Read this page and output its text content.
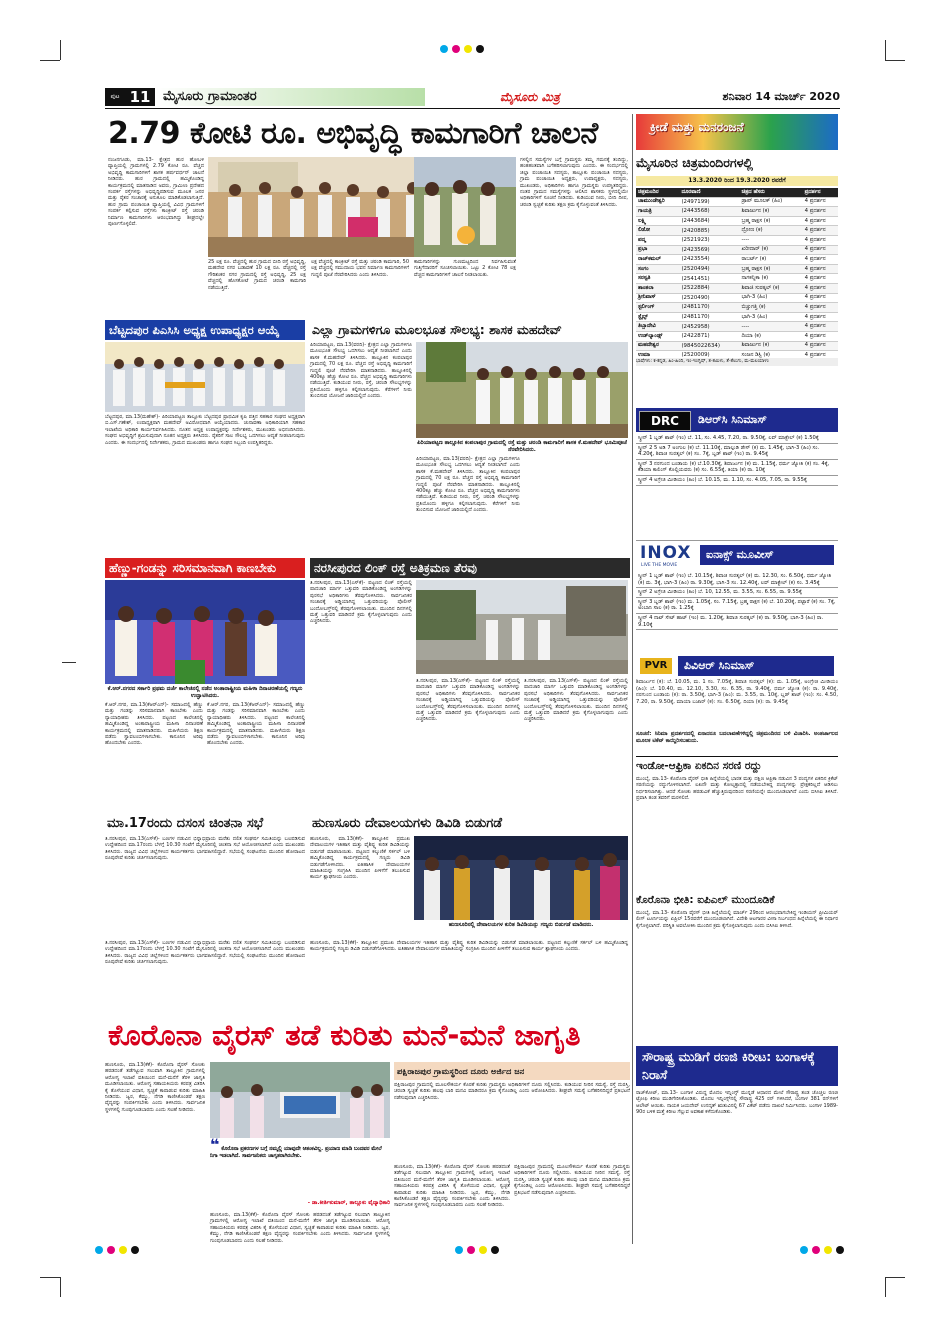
ಪುಟ 11 ಮೈಸೂರು ಗ್ರಾಮಾಂತರ	ಮೈಸೂರು ಮಿತ್ರ	ಶನಿವಾರ 14 ಮಾರ್ಚ್ 2020
2.79 ಕೋಟಿ ರೂ. ಅಭಿವೃದ್ಧಿ ಕಾಮಗಾರಿಗೆ ಚಾಲನೆ
ನಂಜನಗೂಡು, ಮಾ.13- ಕ್ಷೇತ್ರದ ಹುರ ಹೋಬಳಿ ವ್ಯಾಪ್ತಿಯಲ್ಲಿ ಗ್ರಾಮಗಳಲ್ಲಿ 2.79 ಕೋಟಿ ರೂ. ವೆಚ್ಚದ ಅಭಿವೃದ್ಧಿ ಕಾಮಗಾರಿಗಳಿಗೆ ಶಾಸಕ ಹರ್ಷವರ್ಧನ್ ಚಾಲನೆ ನೀಡಿದರು. ಹುರ ಗ್ರಾಮದಲ್ಲಿ ಹಮ್ಮಿಕೊಂಡಿದ್ದ ಕಾರ್ಯಕ್ರಮದಲ್ಲಿ ಮಾತನಾಡಿದ ಅವರು, ಗ್ರಾಮೀಣ ಪ್ರದೇಶದ ಸಂಪರ್ಕ ರಸ್ತೆಗಳನ್ನು ಅಭಿವೃದ್ಧಿಪಡಿಸುವ ಮೂಲಕ ಜನರ ಮತ್ತು ರೈತರ ಸಂಚಾರಕ್ಕೆ ಅನುಕೂಲ ಮಾಡಿಕೊಡಲಾಗುತ್ತಿದೆ. ಹುರ ಗ್ರಾಮ ಪಂಚಾಯಿತಿ ವ್ಯಾಪ್ತಿಯಲ್ಲಿ ವಿವಿಧ ಗ್ರಾಮಗಳಿಗೆ ಸಂಪರ್ಕ ಕಲ್ಪಿಸುವ ರಸ್ತೆಗಳು ಕಾಂಕ್ರೀಟ್ ರಸ್ತೆ ಚರಂಡಿ ನಿರ್ಮಾಣ ಕಾಮಗಾರಿಗಳು ಆರಂಭವಾಗಿದ್ದು ಶೀಘ್ರದಲ್ಲೇ ಪೂರ್ಣಗೊಳ್ಳಲಿವೆ.
25 ಲಕ್ಷ ರೂ. ವೆಚ್ಚದಲ್ಲಿ ಹುರ ಗ್ರಾಮದ ಬೀದಿ ರಸ್ತೆ ಅಭಿವೃದ್ಧಿ, ಮಹದೇವ ನಗರ ಬಡಾವಣೆ 10 ಲಕ್ಷ ರೂ. ವೆಚ್ಚದಲ್ಲಿ ರಸ್ತೆ ಗೌರಿಶಂಕರ ನಗರ ಗ್ರಾಮದಲ್ಲಿ ರಸ್ತೆ ಅಭಿವೃದ್ಧಿ, 25 ಲಕ್ಷ ವೆಚ್ಚದಲ್ಲಿ ಹೊಸಕೋಟೆ ಗ್ರಾಮದ ಚರಂಡಿ ಕಾಮಗಾರಿ ನಡೆಯುತ್ತಿದೆ.
ಲಕ್ಷ ವೆಚ್ಚದಲ್ಲಿ ಕಾಂಕ್ರೀಟ್ ರಸ್ತೆ ಮತ್ತು ಚರಂಡಿ ಕಾಮಗಾರಿ, 50 ಲಕ್ಷ ವೆಚ್ಚದಲ್ಲಿ ಸಮುದಾಯ ಭವನ ನಿರ್ಮಾಣ ಕಾಮಗಾರಿಗಳಿಗೆ ಗುದ್ದಲಿ ಪೂಜೆ ನೆರವೇರಿಸಿದರು ಎಂದು ತಿಳಿಸಿದರು.
ಕಾಮಗಾರಿಗಳನ್ನು ಗುಣಮಟ್ಟದಿಂದ ನಿರ್ವಹಿಸುವಂತೆ ಗುತ್ತಿಗೆದಾರರಿಗೆ ಸೂಚಿಸಲಾಯಿತು. ಒಟ್ಟು 2 ಕೋಟಿ 78 ಲಕ್ಷ ವೆಚ್ಚದ ಕಾಮಗಾರಿಗಳಿಗೆ ಚಾಲನೆ ನೀಡಲಾಯಿತು.
ಗಳಲ್ಲಿನ ಸಮಸ್ಯೆಗಳ ಬಗ್ಗೆ ಗ್ರಾಮಸ್ಥರು ತಮ್ಮ ಗಮನಕ್ಕೆ ತಂದಿದ್ದು, ಹಂತಹಂತವಾಗಿ ಬಗೆಹರಿಸಲಾಗುವುದು ಎಂದರು. ಈ ಸಂದರ್ಭದಲ್ಲಿ ಜಿಲ್ಲಾ ಪಂಚಾಯಿತಿ ಸದಸ್ಯರು, ತಾಲ್ಲೂಕು ಪಂಚಾಯಿತಿ ಸದಸ್ಯರು, ಗ್ರಾಮ ಪಂಚಾಯಿತಿ ಅಧ್ಯಕ್ಷರು, ಉಪಾಧ್ಯಕ್ಷರು, ಸದಸ್ಯರು, ಮುಖಂಡರು, ಅಧಿಕಾರಿಗಳು ಹಾಗೂ ಗ್ರಾಮಸ್ಥರು ಉಪಸ್ಥಿತರಿದ್ದರು. ನಂತರ ಗ್ರಾಮದ ಸಮಸ್ಯೆಗಳನ್ನು ಆಲಿಸಿದ ಶಾಸಕರು ಸ್ಥಳದಲ್ಲಿಯೇ ಅಧಿಕಾರಿಗಳಿಗೆ ಸೂಚನೆ ನೀಡಿದರು. ಕುಡಿಯುವ ನೀರು, ಬೀದಿ ದೀಪ, ಚರಂಡಿ ಸ್ವಚ್ಛತೆ ಕುರಿತು ತಕ್ಷಣ ಕ್ರಮ ಕೈಗೊಳ್ಳುವಂತೆ ತಿಳಿಸಿದರು.
ಕ್ರೀಡೆ ಮತ್ತು ಮನರಂಜನೆ
ಮೈಸೂರಿನ ಚಿತ್ರಮಂದಿರಗಳಲ್ಲಿ
13.3.2020 ರಿಂದ 19.3.2020 ರವರೆಗೆ
ಚಿತ್ರಮಂದಿರ	ದೂರವಾಣಿ	ಚಿತ್ರದ ಹೆಸರು	ಪ್ರದರ್ಶನ
ಚಾಮುಂಡೇಶ್ವರಿ	(2497199)	ಡ್ರಾಪ್ ಮೂಲಕ್ (ಹಿಂ)	4 ಪ್ರದರ್ಶನ
ಗಾಯತ್ರಿ	(2443568)	ಶಿವಾರ್ಜುನ (ಕ)	4 ಪ್ರದರ್ಶನ
ಲಕ್ಷ್ಮಿ	(2443684)	ಬ್ರಹ್ಮ ರಾಕ್ಷಸ (ಕ)	4 ಪ್ರದರ್ಶನ
ಲಿಡೋ	(2420885)	ದ್ರೋಣ (ಕ)	4 ಪ್ರದರ್ಶನ
ಪದ್ಮ	(2521923)	----	4 ಪ್ರದರ್ಶನ
ಪ್ರಭಾ	(2423569)	ಖರೀದಾರ್ (ಕ)	4 ಪ್ರದರ್ಶನ
ರಾಜ್‌ಕಮಲ್	(2423554)	ರಾಬರ್ಟ್ (ಕ)	4 ಪ್ರದರ್ಶನ
ಸಂಗಂ	(2520494)	ಬ್ರಹ್ಮ ರಾಕ್ಷಸ (ಕ)	4 ಪ್ರದರ್ಶನ
ಸರಸ್ವತಿ	(2541451)	ನಾಗಕನ್ನಿಕಾ (ಕ)	4 ಪ್ರದರ್ಶನ
ಶಾಂತಲಾ	(2522884)	ಶಿವಾಜಿ ಸುರತ್ಕಲ್ (ಕ)	4 ಪ್ರದರ್ಶನ
ಶ್ರೀನಿವಾಸ್	(2520490)	ಭಾಗಿ-3 (ಹಿಂ)	4 ಪ್ರದರ್ಶನ
ಸ್ಟರ್ಲಿಂಗ್	(2481170)	ಬಿಚ್ಚುಗತ್ತಿ (ಕ)	4 ಪ್ರದರ್ಶನ
ಸ್ಟೈಲ್ಸ್	(2481170)	ಭಾಗಿ-3 (ಹಿಂ)	4 ಪ್ರದರ್ಶನ
ತಿಬ್ಬಾದೇವಿ	(2452958)	----	4 ಪ್ರದರ್ಶನ
ಉಡ್‌ಲ್ಯಾಂಡ್ಸ್	(2422871)	ದಿಯಾ (ಕ)	4 ಪ್ರದರ್ಶನ
ಮಹದೇಶ್ವರ	(9845022634)	ಶಿವಾರ್ಜುನ (ಕ)	4 ಪ್ರದರ್ಶನ
ಉಮಾ	(2520009)	ಸಂಜನ ಡಿಸ್ಟಿ (ಕ)	4 ಪ್ರದರ್ಶನ
ಭಾಷೆಗಳು: ಕ-ಕನ್ನಡ, ಹಿಂ-ಹಿಂದಿ, ಇಂ-ಇಂಗ್ಲಿಷ್, ತ-ತಮಿಳು, ತೆ-ತೆಲುಗು, ಮ-ಮಲಯಾಳಂ
DRC	ಡಿಆರ್‌ಸಿ ಸಿನಿಮಾಸ್
ಸ್ಕ್ರೀನ್ 1 ಬ್ಲಡ್ ಶಾಟ್ (ಇಂ) ಬೆ. 11, ಸಂ. 4.45, 7.20, ರಾ. 9.50ಕ್ಕೆ, ಲವ್ ಮಾಕ್ಟೇಲ್ (ಕ) 1.50ಕ್ಕೆ
ಸ್ಕ್ರೀನ್ 2 5 ಅಡಿ 7 ಅಂಗುಲ (ಕ) ಬೆ. 11.10ಕ್ಕೆ, ಮಾಲ್ಗುಡಿ ಡೇಸ್ (ಕ) ಮ. 1.45ಕ್ಕೆ, ಭಾಗಿ-3 (ಹಿಂ) ಸಂ. 4.20ಕ್ಕೆ, ಶಿವಾಜಿ ಸುರತ್ಕಲ್ (ಕ) ಸಂ. 7ಕ್ಕೆ, ಬ್ಲಡ್ ಶಾಟ್ (ಇಂ) ರಾ. 9.45ಕ್ಕೆ
ಸ್ಕ್ರೀನ್ 3 ನರಗುಂದ ಬಂಡಾಯ (ಕ) ಬೆ.10.30ಕ್ಕೆ, ಶಿವಾರ್ಜುನ (ಕ) ಮ. 1.15ಕ್ಕೆ, ಧರ್ಮ ಜ್ಯೋತಿ (ಕ) ಸಂ. 4ಕ್ಕೆ, ಕೆಡಿಯಾ ಕಾಲಿಂಗ್ ಕೊಲ್ಲಿಯವರು (ಕ) ಸಂ. 6.55ಕ್ಕೆ, ತಿಯಾ (ಕ) ರಾ. 10ಕ್ಕೆ
ಸ್ಕ್ರೀನ್ 4 ಅಗ್ರೇಜಿ ಮೀಡಿಯಂ (ಹಿಂ) ಬೆ. 10.15, ಮ. 1.10, ಸಂ. 4.05, 7.05, ರಾ. 9.55ಕ್ಕೆ
INOX
LIVE THE MOVIE
ಐನಾಕ್ಸ್ ಮೂವೀಸ್
ಸ್ಕ್ರೀನ್ 1 ಬ್ಲಡ್ ಶಾಟ್ (ಇಂ) ಬೆ. 10.15ಕ್ಕೆ, ಶಿವಾಜಿ ಸುರತ್ಕಲ್ (ಕ) ಮ. 12.30, ಸಂ. 6.50ಕ್ಕೆ, ಧರ್ಮ ಜ್ಯೋತಿ (ಕ) ಮ. 3ಕ್ಕೆ, ಭಾಗಿ-3 (ಹಿಂ) ರಾ. 9.30ಕ್ಕೆ, ಭಾಗಿ-3 ಸಂ. 12.40ಕ್ಕೆ, ಲವ್ ಮಾಕ್ಟೇಲ್ (ಕ) ಸಂ. 3.45ಕ್ಕೆ
ಸ್ಕ್ರೀನ್ 2 ಅಗ್ರೇಜಿ ಮೀಡಿಯಂ (ಹಿಂ) ಬೆ. 10, 12.55, ಮ. 3.55, ಸಂ. 6.55, ರಾ. 9.55ಕ್ಕೆ
ಸ್ಕ್ರೀನ್ 3 ಬ್ಲಡ್ ಶಾಟ್ (ಇಂ) ಮ. 1.05ಕ್ಕೆ, ಸಂ. 7.15ಕ್ಕೆ, ಬ್ರಹ್ಮ ರಾಕ್ಷಸ (ಕ) ಬೆ. 10.20ಕ್ಕೆ, ಪಟ್ಟಾರೆ (ಕ) ಸಂ. 7ಕ್ಕೆ, ಅಂಬಾನಿ ಸಾಲ (ಕ) ರಾ. 1.25ಕ್ಕೆ
ಸ್ಕ್ರೀನ್ 4 ನಾಟ್ ಸೇಟ್ ಹಾಟ್ (ಇಂ) ಮ. 1.20ಕ್ಕೆ, ಶಿವಾಜಿ ಸುರತ್ಕಲ್ (ಕ) ರಾ. 9.50ಕ್ಕೆ, ಭಾಗಿ-3 (ಹಿಂ) ರಾ. 9.10ಕ್ಕೆ
PVR	ಪಿವಿಆರ್ ಸಿನಿಮಾಸ್
ಶಿವಾರ್ಜುನ (ಕ): ಬೆ. 10.05, ಮ. 1 ಸಂ. 7.05ಕ್ಕೆ, ಶಿವಾಜಿ ಸುರತ್ಕಲ್ (ಕ): ಮ. 1.05ಕ್ಕೆ, ಅಂಗ್ರೇಜಿ ಮೀಡಿಯಂ (ಹಿಂ): ಬೆ. 10.40, ಮ. 12.10, 3.30, ಸಂ. 6.35, ರಾ. 9.40ಕ್ಕೆ, ಧರ್ಮ ಜ್ಯೋತಿ (ಕ): ರಾ. 9.40ಕ್ಕೆ, ನರಗುಂದ ಬಂಡಾಯ (ಕ): ರಾ. 3.50ಕ್ಕೆ, ಭಾಗಿ-3 (ಹಿಂ): ಮ. 3.55, ರಾ. 10ಕ್ಕೆ, ಬ್ಲಡ್ ಶಾಟ್ (ಇಂ): ಸಂ. 4.50, 7.20, ರಾ. 9.50ಕ್ಕೆ, ಮಾಯಾ ಬಜಾರ್ (ಕ): ಸಂ. 6.50ಕ್ಕೆ, ದಿಯಾ (ಕ): ರಾ. 9.45ಕ್ಕೆ
ಸೂಚನೆ: ಸಿನಿಮಾ ಪ್ರದರ್ಶನದಲ್ಲಿ ಏನಾದರೂ ಬದಲಾವಣೆಗಳಿದ್ದಲ್ಲಿ ಚಿತ್ರಮಂದಿರದ ಬಳಿ ವಿಚಾರಿಸಿ. ಅಂತರ್ಜಾಲದ ಮೂಲಕ ಟಿಕೆಟ್ ಕಾಯ್ದಿರಿಸಬಹುದು.
ಬೆಟ್ಟದಪುರ ಪಿಎಸಿಸಿ ಅಧ್ಯಕ್ಷ ಉಪಾಧ್ಯಕ್ಷರ ಆಯ್ಕೆ
ಬೆಟ್ಟದಪುರ, ಮಾ.13(ಮಹೇಶ್)- ಪಿರಿಯಾಪಟ್ಟಣ ತಾಲ್ಲೂಕು ಬೆಟ್ಟದಪುರ ಪ್ರಾಥಮಿಕ ಕೃಷಿ ಪತ್ತಿನ ಸಹಕಾರ ಸಂಘದ ಅಧ್ಯಕ್ಷರಾಗಿ ಬಿ.ಎಸ್.ಗಣೇಶ್, ಉಪಾಧ್ಯಕ್ಷರಾಗಿ ಮಹದೇವ್ ಅವಿರೋಧವಾಗಿ ಆಯ್ಕೆಯಾದರು. ಚುನಾವಣಾ ಅಧಿಕಾರಿಯಾಗಿ ಸಹಕಾರ ಇಲಾಖೆಯ ಅಧಿಕಾರಿ ಕಾರ್ಯನಿರ್ವಹಿಸಿದರು. ನೂತನ ಅಧ್ಯಕ್ಷ ಉಪಾಧ್ಯಕ್ಷರನ್ನು ನಿರ್ದೇಶಕರು, ಮುಖಂಡರು ಅಭಿನಂದಿಸಿದರು. ಸಂಘದ ಅಭಿವೃದ್ಧಿಗೆ ಶ್ರಮಿಸುವುದಾಗಿ ನೂತನ ಅಧ್ಯಕ್ಷರು ತಿಳಿಸಿದರು. ರೈತರಿಗೆ ಸಾಲ ಸೌಲಭ್ಯ ಒದಗಿಸಲು ಆದ್ಯತೆ ನೀಡಲಾಗುವುದು ಎಂದರು. ಈ ಸಂದರ್ಭದಲ್ಲಿ ನಿರ್ದೇಶಕರು, ಗ್ರಾಮದ ಮುಖಂಡರು ಹಾಗೂ ಸಂಘದ ಸಿಬ್ಬಂದಿ ಉಪಸ್ಥಿತರಿದ್ದರು.
ಎಲ್ಲಾ ಗ್ರಾಮಗಳಿಗೂ ಮೂಲಭೂತ ಸೌಲಭ್ಯ: ಶಾಸಕ ಮಹದೇವ್
ಪಿರಿಯಾಪಟ್ಟಣ, ಮಾ.13(ವರದಿ)- ಕ್ಷೇತ್ರದ ಎಲ್ಲಾ ಗ್ರಾಮಗಳಿಗೂ ಮೂಲಭೂತ ಸೌಲಭ್ಯ ಒದಗಿಸಲು ಆದ್ಯತೆ ನೀಡಲಾಗಿದೆ ಎಂದು ಶಾಸಕ ಕೆ.ಮಹದೇವ್ ತಿಳಿಸಿದರು. ತಾಲ್ಲೂಕಿನ ಕಂಪಲಾಪುರ ಗ್ರಾಮದಲ್ಲಿ 70 ಲಕ್ಷ ರೂ. ವೆಚ್ಚದ ರಸ್ತೆ ಅಭಿವೃದ್ಧಿ ಕಾಮಗಾರಿಗೆ ಗುದ್ದಲಿ ಪೂಜೆ ನೆರವೇರಿಸಿ ಮಾತನಾಡಿದರು. ತಾಲ್ಲೂಕಿನಲ್ಲಿ 400ಕ್ಕೂ ಹೆಚ್ಚು ಕೋಟಿ ರೂ. ವೆಚ್ಚದ ಅಭಿವೃದ್ಧಿ ಕಾಮಗಾರಿಗಳು ನಡೆಯುತ್ತಿವೆ. ಕುಡಿಯುವ ನೀರು, ರಸ್ತೆ, ಚರಂಡಿ ಸೌಲಭ್ಯಗಳನ್ನು ಪ್ರತಿಯೊಂದು ಹಳ್ಳಿಗೂ ಕಲ್ಪಿಸಲಾಗುವುದು. ಕೆರೆಗಳಿಗೆ ನೀರು ತುಂಬಿಸುವ ಯೋಜನೆ ಜಾರಿಯಲ್ಲಿದೆ ಎಂದರು.
ಪಿರಿಯಾಪಟ್ಟಣ ತಾಲ್ಲೂಕಿನ ಕಂಪಲಾಪುರ ಗ್ರಾಮದಲ್ಲಿ ರಸ್ತೆ ಮತ್ತು ಚರಂಡಿ ಕಾಮಗಾರಿಗೆ ಶಾಸಕ ಕೆ.ಮಹದೇವ್ ಭೂಮಿಪೂಜೆ ನೆರವೇರಿಸಿದರು.
ಪಿರಿಯಾಪಟ್ಟಣ, ಮಾ.13(ವರದಿ)- ಕ್ಷೇತ್ರದ ಎಲ್ಲಾ ಗ್ರಾಮಗಳಿಗೂ ಮೂಲಭೂತ ಸೌಲಭ್ಯ ಒದಗಿಸಲು ಆದ್ಯತೆ ನೀಡಲಾಗಿದೆ ಎಂದು ಶಾಸಕ ಕೆ.ಮಹದೇವ್ ತಿಳಿಸಿದರು. ತಾಲ್ಲೂಕಿನ ಕಂಪಲಾಪುರ ಗ್ರಾಮದಲ್ಲಿ 70 ಲಕ್ಷ ರೂ. ವೆಚ್ಚದ ರಸ್ತೆ ಅಭಿವೃದ್ಧಿ ಕಾಮಗಾರಿಗೆ ಗುದ್ದಲಿ ಪೂಜೆ ನೆರವೇರಿಸಿ ಮಾತನಾಡಿದರು. ತಾಲ್ಲೂಕಿನಲ್ಲಿ 400ಕ್ಕೂ ಹೆಚ್ಚು ಕೋಟಿ ರೂ. ವೆಚ್ಚದ ಅಭಿವೃದ್ಧಿ ಕಾಮಗಾರಿಗಳು ನಡೆಯುತ್ತಿವೆ. ಕುಡಿಯುವ ನೀರು, ರಸ್ತೆ, ಚರಂಡಿ ಸೌಲಭ್ಯಗಳನ್ನು ಪ್ರತಿಯೊಂದು ಹಳ್ಳಿಗೂ ಕಲ್ಪಿಸಲಾಗುವುದು. ಕೆರೆಗಳಿಗೆ ನೀರು ತುಂಬಿಸುವ ಯೋಜನೆ ಜಾರಿಯಲ್ಲಿದೆ ಎಂದರು.
ಹೆಣ್ಣು-ಗಂಡನ್ನು ಸರಿಸಮಾನವಾಗಿ ಕಾಣಬೇಕು
ಕೆ.ಆರ್.ನಗರದ ಸರ್ಕಾರಿ ಪ್ರಥಮ ದರ್ಜೆ ಕಾಲೇಜಿನಲ್ಲಿ ನಡೆದ ಅಂತಾರಾಷ್ಟ್ರೀಯ ಮಹಿಳಾ ದಿನಾಚರಣೆಯಲ್ಲಿ ಗಣ್ಯರು ಉದ್ಘಾಟಿಸಿದರು.
ಕೆ.ಆರ್.ನಗರ, ಮಾ.13(ಕೆಆರ್‌ಎನ್)- ಸಮಾಜದಲ್ಲಿ ಹೆಣ್ಣು ಮತ್ತು ಗಂಡನ್ನು ಸರಿಸಮಾನವಾಗಿ ಕಾಣಬೇಕು ಎಂದು ನ್ಯಾಯಾಧೀಶರು ತಿಳಿಸಿದರು. ಪಟ್ಟಣದ ಕಾಲೇಜಿನಲ್ಲಿ ಹಮ್ಮಿಕೊಂಡಿದ್ದ ಅಂತಾರಾಷ್ಟ್ರೀಯ ಮಹಿಳಾ ದಿನಾಚರಣೆ ಕಾರ್ಯಕ್ರಮದಲ್ಲಿ ಮಾತನಾಡಿದರು. ಮಹಿಳೆಯರು ಶಿಕ್ಷಣ ಪಡೆದು ಸ್ವಾವಲಂಬಿಗಳಾಗಬೇಕು. ಕಾನೂನಿನ ಅರಿವು ಹೊಂದಬೇಕು ಎಂದರು.
ಕೆ.ಆರ್.ನಗರ, ಮಾ.13(ಕೆಆರ್‌ಎನ್)- ಸಮಾಜದಲ್ಲಿ ಹೆಣ್ಣು ಮತ್ತು ಗಂಡನ್ನು ಸರಿಸಮಾನವಾಗಿ ಕಾಣಬೇಕು ಎಂದು ನ್ಯಾಯಾಧೀಶರು ತಿಳಿಸಿದರು. ಪಟ್ಟಣದ ಕಾಲೇಜಿನಲ್ಲಿ ಹಮ್ಮಿಕೊಂಡಿದ್ದ ಅಂತಾರಾಷ್ಟ್ರೀಯ ಮಹಿಳಾ ದಿನಾಚರಣೆ ಕಾರ್ಯಕ್ರಮದಲ್ಲಿ ಮಾತನಾಡಿದರು. ಮಹಿಳೆಯರು ಶಿಕ್ಷಣ ಪಡೆದು ಸ್ವಾವಲಂಬಿಗಳಾಗಬೇಕು. ಕಾನೂನಿನ ಅರಿವು ಹೊಂದಬೇಕು ಎಂದರು.
ನರಸೀಪುರದ ಲಿಂಕ್ ರಸ್ತೆ ಅತಿಕ್ರಮಣ ತೆರವು
ತಿ.ನರಸೀಪುರ, ಮಾ.13(ಎಸ್‌ಕೆ)- ಪಟ್ಟಣದ ಲಿಂಕ್ ರಸ್ತೆಯಲ್ಲಿ ಪಾದಚಾರಿ ಮಾರ್ಗ ಒತ್ತುವರಿ ಮಾಡಿಕೊಂಡಿದ್ದ ಅಂಗಡಿಗಳನ್ನು ಪುರಸಭೆ ಅಧಿಕಾರಿಗಳು ತೆರವುಗೊಳಿಸಿದರು. ಸಾರ್ವಜನಿಕರ ಸಂಚಾರಕ್ಕೆ ಅಡ್ಡಿಯಾಗಿದ್ದ ಒತ್ತುವರಿಯನ್ನು ಪೊಲೀಸ್ ಬಂದೋಬಸ್ತ್‌ನಲ್ಲಿ ತೆರವುಗೊಳಿಸಲಾಯಿತು. ಮುಂದಿನ ದಿನಗಳಲ್ಲಿ ಮತ್ತೆ ಒತ್ತುವರಿ ಮಾಡಿದರೆ ಕ್ರಮ ಕೈಗೊಳ್ಳಲಾಗುವುದು ಎಂದು ಎಚ್ಚರಿಸಿದರು.
ತಿ.ನರಸೀಪುರ, ಮಾ.13(ಎಸ್‌ಕೆ)- ಪಟ್ಟಣದ ಲಿಂಕ್ ರಸ್ತೆಯಲ್ಲಿ ಪಾದಚಾರಿ ಮಾರ್ಗ ಒತ್ತುವರಿ ಮಾಡಿಕೊಂಡಿದ್ದ ಅಂಗಡಿಗಳನ್ನು ಪುರಸಭೆ ಅಧಿಕಾರಿಗಳು ತೆರವುಗೊಳಿಸಿದರು. ಸಾರ್ವಜನಿಕರ ಸಂಚಾರಕ್ಕೆ ಅಡ್ಡಿಯಾಗಿದ್ದ ಒತ್ತುವರಿಯನ್ನು ಪೊಲೀಸ್ ಬಂದೋಬಸ್ತ್‌ನಲ್ಲಿ ತೆರವುಗೊಳಿಸಲಾಯಿತು. ಮುಂದಿನ ದಿನಗಳಲ್ಲಿ ಮತ್ತೆ ಒತ್ತುವರಿ ಮಾಡಿದರೆ ಕ್ರಮ ಕೈಗೊಳ್ಳಲಾಗುವುದು ಎಂದು ಎಚ್ಚರಿಸಿದರು.
ತಿ.ನರಸೀಪುರ, ಮಾ.13(ಎಸ್‌ಕೆ)- ಪಟ್ಟಣದ ಲಿಂಕ್ ರಸ್ತೆಯಲ್ಲಿ ಪಾದಚಾರಿ ಮಾರ್ಗ ಒತ್ತುವರಿ ಮಾಡಿಕೊಂಡಿದ್ದ ಅಂಗಡಿಗಳನ್ನು ಪುರಸಭೆ ಅಧಿಕಾರಿಗಳು ತೆರವುಗೊಳಿಸಿದರು. ಸಾರ್ವಜನಿಕರ ಸಂಚಾರಕ್ಕೆ ಅಡ್ಡಿಯಾಗಿದ್ದ ಒತ್ತುವರಿಯನ್ನು ಪೊಲೀಸ್ ಬಂದೋಬಸ್ತ್‌ನಲ್ಲಿ ತೆರವುಗೊಳಿಸಲಾಯಿತು. ಮುಂದಿನ ದಿನಗಳಲ್ಲಿ ಮತ್ತೆ ಒತ್ತುವರಿ ಮಾಡಿದರೆ ಕ್ರಮ ಕೈಗೊಳ್ಳಲಾಗುವುದು ಎಂದು ಎಚ್ಚರಿಸಿದರು.
ಮಾ.17ರಂದು ದಸಂಸ ಚಿಂತನಾ ಸಭೆ
ತಿ.ನರಸೀಪುರ, ಮಾ.13(ಎಸ್‌ಕೆ)- ಬಣಗಳ ನಡುವಿನ ಭಿನ್ನಾಭಿಪ್ರಾಯ ಮರೆತು ದಲಿತ ಸಂಘರ್ಷ ಸಮಿತಿಯನ್ನು ಬಲಪಡಿಸುವ ಉದ್ದೇಶದಿಂದ ಮಾ.17ರಂದು ಬೆಳಗ್ಗೆ 10.30 ಗಂಟೆಗೆ ಮೈಸೂರಿನಲ್ಲಿ ಚಿಂತನಾ ಸಭೆ ಆಯೋಜಿಸಲಾಗಿದೆ ಎಂದು ಮುಖಂಡರು ತಿಳಿಸಿದರು. ರಾಜ್ಯದ ವಿವಿಧ ಜಿಲ್ಲೆಗಳಿಂದ ಕಾರ್ಯಕರ್ತರು ಭಾಗವಹಿಸಲಿದ್ದಾರೆ. ಸಭೆಯಲ್ಲಿ ಸಂಘಟನೆಯ ಮುಂದಿನ ಹೋರಾಟದ ರೂಪುರೇಷೆ ಕುರಿತು ಚರ್ಚಿಸಲಾಗುವುದು.
ಹುಣಸೂರು ದೇವಾಲಯಗಳು ಡಿವಿಡಿ ಬಿಡುಗಡೆ
ಹುಣಸೂರು, ಮಾ.13(ಕೆಕೆ)- ತಾಲ್ಲೂಕಿನ ಪ್ರಮುಖ ದೇವಾಲಯಗಳ ಇತಿಹಾಸ ಮತ್ತು ವೈಶಿಷ್ಟ್ಯ ಕುರಿತ ಡಿವಿಡಿಯನ್ನು ಬಿಡುಗಡೆ ಮಾಡಲಾಯಿತು. ಪಟ್ಟಣದ ಕಲ್ಕುಣಿಕೆ ಸರ್ಕಲ್ ಬಳಿ ಹಮ್ಮಿಕೊಂಡಿದ್ದ ಕಾರ್ಯಕ್ರಮದಲ್ಲಿ ಗಣ್ಯರು ಡಿವಿಡಿ ಬಿಡುಗಡೆಗೊಳಿಸಿದರು. ಐತಿಹಾಸಿಕ ದೇವಾಲಯಗಳ ಮಾಹಿತಿಯನ್ನು ಸಂಗ್ರಹಿಸಿ ಮುಂದಿನ ಪೀಳಿಗೆಗೆ ತಲುಪಿಸುವ ಕಾರ್ಯ ಶ್ಲಾಘನೀಯ ಎಂದರು.
ಹುಣಸೂರಿನಲ್ಲಿ ದೇವಾಲಯಗಳ ಕುರಿತ ಡಿವಿಡಿಯನ್ನು ಗಣ್ಯರು ಬಿಡುಗಡೆ ಮಾಡಿದರು.
ಹುಣಸೂರು, ಮಾ.13(ಕೆಕೆ)- ತಾಲ್ಲೂಕಿನ ಪ್ರಮುಖ ದೇವಾಲಯಗಳ ಇತಿಹಾಸ ಮತ್ತು ವೈಶಿಷ್ಟ್ಯ ಕುರಿತ ಡಿವಿಡಿಯನ್ನು ಬಿಡುಗಡೆ ಮಾಡಲಾಯಿತು. ಪಟ್ಟಣದ ಕಲ್ಕುಣಿಕೆ ಸರ್ಕಲ್ ಬಳಿ ಹಮ್ಮಿಕೊಂಡಿದ್ದ ಕಾರ್ಯಕ್ರಮದಲ್ಲಿ ಗಣ್ಯರು ಡಿವಿಡಿ ಬಿಡುಗಡೆಗೊಳಿಸಿದರು. ಐತಿಹಾಸಿಕ ದೇವಾಲಯಗಳ ಮಾಹಿತಿಯನ್ನು ಸಂಗ್ರಹಿಸಿ ಮುಂದಿನ ಪೀಳಿಗೆಗೆ ತಲುಪಿಸುವ ಕಾರ್ಯ ಶ್ಲಾಘನೀಯ ಎಂದರು.
ತಿ.ನರಸೀಪುರ, ಮಾ.13(ಎಸ್‌ಕೆ)- ಬಣಗಳ ನಡುವಿನ ಭಿನ್ನಾಭಿಪ್ರಾಯ ಮರೆತು ದಲಿತ ಸಂಘರ್ಷ ಸಮಿತಿಯನ್ನು ಬಲಪಡಿಸುವ ಉದ್ದೇಶದಿಂದ ಮಾ.17ರಂದು ಬೆಳಗ್ಗೆ 10.30 ಗಂಟೆಗೆ ಮೈಸೂರಿನಲ್ಲಿ ಚಿಂತನಾ ಸಭೆ ಆಯೋಜಿಸಲಾಗಿದೆ ಎಂದು ಮುಖಂಡರು ತಿಳಿಸಿದರು. ರಾಜ್ಯದ ವಿವಿಧ ಜಿಲ್ಲೆಗಳಿಂದ ಕಾರ್ಯಕರ್ತರು ಭಾಗವಹಿಸಲಿದ್ದಾರೆ. ಸಭೆಯಲ್ಲಿ ಸಂಘಟನೆಯ ಮುಂದಿನ ಹೋರಾಟದ ರೂಪುರೇಷೆ ಕುರಿತು ಚರ್ಚಿಸಲಾಗುವುದು.
ಕೊರೊನಾ ವೈರಸ್ ತಡೆ ಕುರಿತು ಮನೆ-ಮನೆ ಜಾಗೃತಿ
ಹುಣಸೂರು, ಮಾ.13(ಕೆಕೆ)- ಕೊರೊನಾ ವೈರಸ್ ಸೋಂಕು ಹರಡದಂತೆ ತಡೆಗಟ್ಟುವ ಸಲುವಾಗಿ ತಾಲ್ಲೂಕಿನ ಗ್ರಾಮಗಳಲ್ಲಿ ಆರೋಗ್ಯ ಇಲಾಖೆ ವತಿಯಿಂದ ಮನೆ-ಮನೆಗೆ ತೆರಳಿ ಜಾಗೃತಿ ಮೂಡಿಸಲಾಯಿತು. ಆರೋಗ್ಯ ಸಹಾಯಕಿಯರು ಕರಪತ್ರ ವಿತರಿಸಿ ಕೈ ತೊಳೆಯುವ ವಿಧಾನ, ಸ್ವಚ್ಛತೆ ಕಾಪಾಡುವ ಕುರಿತು ಮಾಹಿತಿ ನೀಡಿದರು. ಜ್ವರ, ಕೆಮ್ಮು, ನೆಗಡಿ ಕಾಣಿಸಿಕೊಂಡರೆ ತಕ್ಷಣ ವೈದ್ಯರನ್ನು ಸಂಪರ್ಕಿಸಬೇಕು ಎಂದು ತಿಳಿಸಿದರು. ಸಾರ್ವಜನಿಕ ಸ್ಥಳಗಳಲ್ಲಿ ಗುಂಪುಗೂಡಬಾರದು ಎಂದು ಸಲಹೆ ನೀಡಿದರು.
❝ ಕೊರೊನಾ ಪ್ರಕರಣಗಳ ಬಗ್ಗೆ ನಮ್ಮಲ್ಲಿ ಯಾವುದೇ ಆತಂಕವಿಲ್ಲ. ಪ್ರಯಾಣ ಮಾಡಿ ಬಂದವರ ಮೇಲೆ ನಿಗಾ ಇಡಲಾಗಿದೆ. ಸಾರ್ವಜನಿಕರು ಜಾಗೃತರಾಗಿರಬೇಕು.
- ಡಾ.ಕೀರ್ತಿಕುಮಾರ್, ತಾಲ್ಲೂಕು ವೈದ್ಯಾಧಿಕಾರಿ
ಹುಣಸೂರು, ಮಾ.13(ಕೆಕೆ)- ಕೊರೊನಾ ವೈರಸ್ ಸೋಂಕು ಹರಡದಂತೆ ತಡೆಗಟ್ಟುವ ಸಲುವಾಗಿ ತಾಲ್ಲೂಕಿನ ಗ್ರಾಮಗಳಲ್ಲಿ ಆರೋಗ್ಯ ಇಲಾಖೆ ವತಿಯಿಂದ ಮನೆ-ಮನೆಗೆ ತೆರಳಿ ಜಾಗೃತಿ ಮೂಡಿಸಲಾಯಿತು. ಆರೋಗ್ಯ ಸಹಾಯಕಿಯರು ಕರಪತ್ರ ವಿತರಿಸಿ ಕೈ ತೊಳೆಯುವ ವಿಧಾನ, ಸ್ವಚ್ಛತೆ ಕಾಪಾಡುವ ಕುರಿತು ಮಾಹಿತಿ ನೀಡಿದರು. ಜ್ವರ, ಕೆಮ್ಮು, ನೆಗಡಿ ಕಾಣಿಸಿಕೊಂಡರೆ ತಕ್ಷಣ ವೈದ್ಯರನ್ನು ಸಂಪರ್ಕಿಸಬೇಕು ಎಂದು ತಿಳಿಸಿದರು. ಸಾರ್ವಜನಿಕ ಸ್ಥಳಗಳಲ್ಲಿ ಗುಂಪುಗೂಡಬಾರದು ಎಂದು ಸಲಹೆ ನೀಡಿದರು.
ಪಕ್ಷಿರಾಜಪುರ ಗ್ರಾಮಸ್ಥರಿಂದ ದೂರು ಅರ್ಜಿದ ಜನ
ಪಕ್ಷಿರಾಜಪುರ ಗ್ರಾಮದಲ್ಲಿ ಮೂಲಸೌಕರ್ಯ ಕೊರತೆ ಕುರಿತು ಗ್ರಾಮಸ್ಥರು ಅಧಿಕಾರಿಗಳಿಗೆ ದೂರು ಸಲ್ಲಿಸಿದರು. ಕುಡಿಯುವ ನೀರಿನ ಸಮಸ್ಯೆ, ರಸ್ತೆ ದುರಸ್ತಿ, ಚರಂಡಿ ಸ್ವಚ್ಛತೆ ಕುರಿತು ಹಲವು ಬಾರಿ ಮನವಿ ಮಾಡಿದರೂ ಕ್ರಮ ಕೈಗೊಂಡಿಲ್ಲ ಎಂದು ಆರೋಪಿಸಿದರು. ಶೀಘ್ರವೇ ಸಮಸ್ಯೆ ಬಗೆಹರಿಸದಿದ್ದರೆ ಪ್ರತಿಭಟನೆ ನಡೆಸುವುದಾಗಿ ಎಚ್ಚರಿಸಿದರು.
ಹುಣಸೂರು, ಮಾ.13(ಕೆಕೆ)- ಕೊರೊನಾ ವೈರಸ್ ಸೋಂಕು ಹರಡದಂತೆ ತಡೆಗಟ್ಟುವ ಸಲುವಾಗಿ ತಾಲ್ಲೂಕಿನ ಗ್ರಾಮಗಳಲ್ಲಿ ಆರೋಗ್ಯ ಇಲಾಖೆ ವತಿಯಿಂದ ಮನೆ-ಮನೆಗೆ ತೆರಳಿ ಜಾಗೃತಿ ಮೂಡಿಸಲಾಯಿತು. ಆರೋಗ್ಯ ಸಹಾಯಕಿಯರು ಕರಪತ್ರ ವಿತರಿಸಿ ಕೈ ತೊಳೆಯುವ ವಿಧಾನ, ಸ್ವಚ್ಛತೆ ಕಾಪಾಡುವ ಕುರಿತು ಮಾಹಿತಿ ನೀಡಿದರು. ಜ್ವರ, ಕೆಮ್ಮು, ನೆಗಡಿ ಕಾಣಿಸಿಕೊಂಡರೆ ತಕ್ಷಣ ವೈದ್ಯರನ್ನು ಸಂಪರ್ಕಿಸಬೇಕು ಎಂದು ತಿಳಿಸಿದರು. ಸಾರ್ವಜನಿಕ ಸ್ಥಳಗಳಲ್ಲಿ ಗುಂಪುಗೂಡಬಾರದು ಎಂದು ಸಲಹೆ ನೀಡಿದರು.
ಪಕ್ಷಿರಾಜಪುರ ಗ್ರಾಮದಲ್ಲಿ ಮೂಲಸೌಕರ್ಯ ಕೊರತೆ ಕುರಿತು ಗ್ರಾಮಸ್ಥರು ಅಧಿಕಾರಿಗಳಿಗೆ ದೂರು ಸಲ್ಲಿಸಿದರು. ಕುಡಿಯುವ ನೀರಿನ ಸಮಸ್ಯೆ, ರಸ್ತೆ ದುರಸ್ತಿ, ಚರಂಡಿ ಸ್ವಚ್ಛತೆ ಕುರಿತು ಹಲವು ಬಾರಿ ಮನವಿ ಮಾಡಿದರೂ ಕ್ರಮ ಕೈಗೊಂಡಿಲ್ಲ ಎಂದು ಆರೋಪಿಸಿದರು. ಶೀಘ್ರವೇ ಸಮಸ್ಯೆ ಬಗೆಹರಿಸದಿದ್ದರೆ ಪ್ರತಿಭಟನೆ ನಡೆಸುವುದಾಗಿ ಎಚ್ಚರಿಸಿದರು.
ಇಂಡೋ-ಆಫ್ರಿಕಾ ಏಕದಿನ ಸರಣಿ ರದ್ದು
ಮುಂಬೈ, ಮಾ.13- ಕೊರೊನಾ ವೈರಸ್ ಭೀತಿ ಹಿನ್ನೆಲೆಯಲ್ಲಿ ಭಾರತ ಮತ್ತು ದಕ್ಷಿಣ ಆಫ್ರಿಕಾ ನಡುವಿನ 3 ಪಂದ್ಯಗಳ ಏಕದಿನ ಕ್ರಿಕೆಟ್ ಸರಣಿಯನ್ನು ರದ್ದುಗೊಳಿಸಲಾಗಿದೆ. ಲಖನೌ ಮತ್ತು ಕೋಲ್ಕತ್ತಾದಲ್ಲಿ ನಡೆಯಬೇಕಿದ್ದ ಪಂದ್ಯಗಳನ್ನು ಪ್ರೇಕ್ಷಕರಿಲ್ಲದೆ ಆಡಿಸಲು ನಿರ್ಧರಿಸಲಾಗಿತ್ತು. ಆದರೆ ಸೋಂಕು ಹರಡುವಿಕೆ ಹೆಚ್ಚುತ್ತಿರುವುದರಿಂದ ಸರಣಿಯನ್ನೇ ಮುಂದೂಡಲಾಗಿದೆ ಎಂದು ಬಿಸಿಸಿಐ ತಿಳಿಸಿದೆ. ಪ್ರವಾಸಿ ತಂಡ ತವರಿಗೆ ಮರಳಲಿದೆ.
ಕೊರೊನಾ ಭೀತಿ: ಐಪಿಎಲ್ ಮುಂದೂಡಿಕೆ
ಮುಂಬೈ, ಮಾ.13- ಕೊರೊನಾ ವೈರಸ್ ಭೀತಿ ಹಿನ್ನೆಲೆಯಲ್ಲಿ ಮಾರ್ಚ್ 29ರಿಂದ ಆರಂಭವಾಗಬೇಕಿದ್ದ ಇಂಡಿಯನ್ ಪ್ರೀಮಿಯರ್ ಲೀಗ್ ಟೂರ್ನಿಯನ್ನು ಏಪ್ರಿಲ್ 15ರವರೆಗೆ ಮುಂದೂಡಲಾಗಿದೆ. ವಿದೇಶಿ ಆಟಗಾರರ ವೀಸಾ ನಿರ್ಬಂಧದ ಹಿನ್ನೆಲೆಯಲ್ಲಿ ಈ ನಿರ್ಧಾರ ಕೈಗೊಳ್ಳಲಾಗಿದೆ. ಪರಿಸ್ಥಿತಿ ಅವಲೋಕಿಸಿ ಮುಂದಿನ ಕ್ರಮ ಕೈಗೊಳ್ಳಲಾಗುವುದು ಎಂದು ಬಿಸಿಸಿಐ ತಿಳಿಸಿದೆ.
ಸೌರಾಷ್ಟ್ರ ಮುಡಿಗೆ ರಣಜಿ ಕಿರೀಟ: ಬಂಗಾಳಕ್ಕೆ ನಿರಾಸೆ
ರಾಜ್‌ಕೋಟ್, ಮಾ.13- ಬಂಗಾಳ ವಿರುದ್ಧ ಮೊದಲ ಇನ್ನಿಂಗ್ಸ್ ಮುನ್ನಡೆ ಆಧಾರದ ಮೇಲೆ ಸೌರಾಷ್ಟ್ರ ತಂಡ ಚೊಚ್ಚಲ ರಣಜಿ ಟ್ರೋಫಿ ಕಿರೀಟ ಮುಡಿಗೇರಿಸಿಕೊಂಡಿತು. ಮೊದಲ ಇನ್ನಿಂಗ್ಸ್‌ನಲ್ಲಿ ಸೌರಾಷ್ಟ್ರ 425 ರನ್ ಗಳಿಸಿದರೆ, ಬಂಗಾಳ 381 ರನ್‌ಗಳಿಗೆ ಆಲೌಟ್ ಆಯಿತು. ನಾಯಕ ಜಯದೇವ್ ಉನದ್ಕತ್ ಋತುವಿನಲ್ಲಿ 67 ವಿಕೆಟ್ ಪಡೆದು ದಾಖಲೆ ನಿರ್ಮಿಸಿದರು. ಬಂಗಾಳ 1989-90ರ ಬಳಿಕ ಮತ್ತೆ ಕಿರೀಟ ಗೆಲ್ಲುವ ಅವಕಾಶ ಕಳೆದುಕೊಂಡಿತು.
